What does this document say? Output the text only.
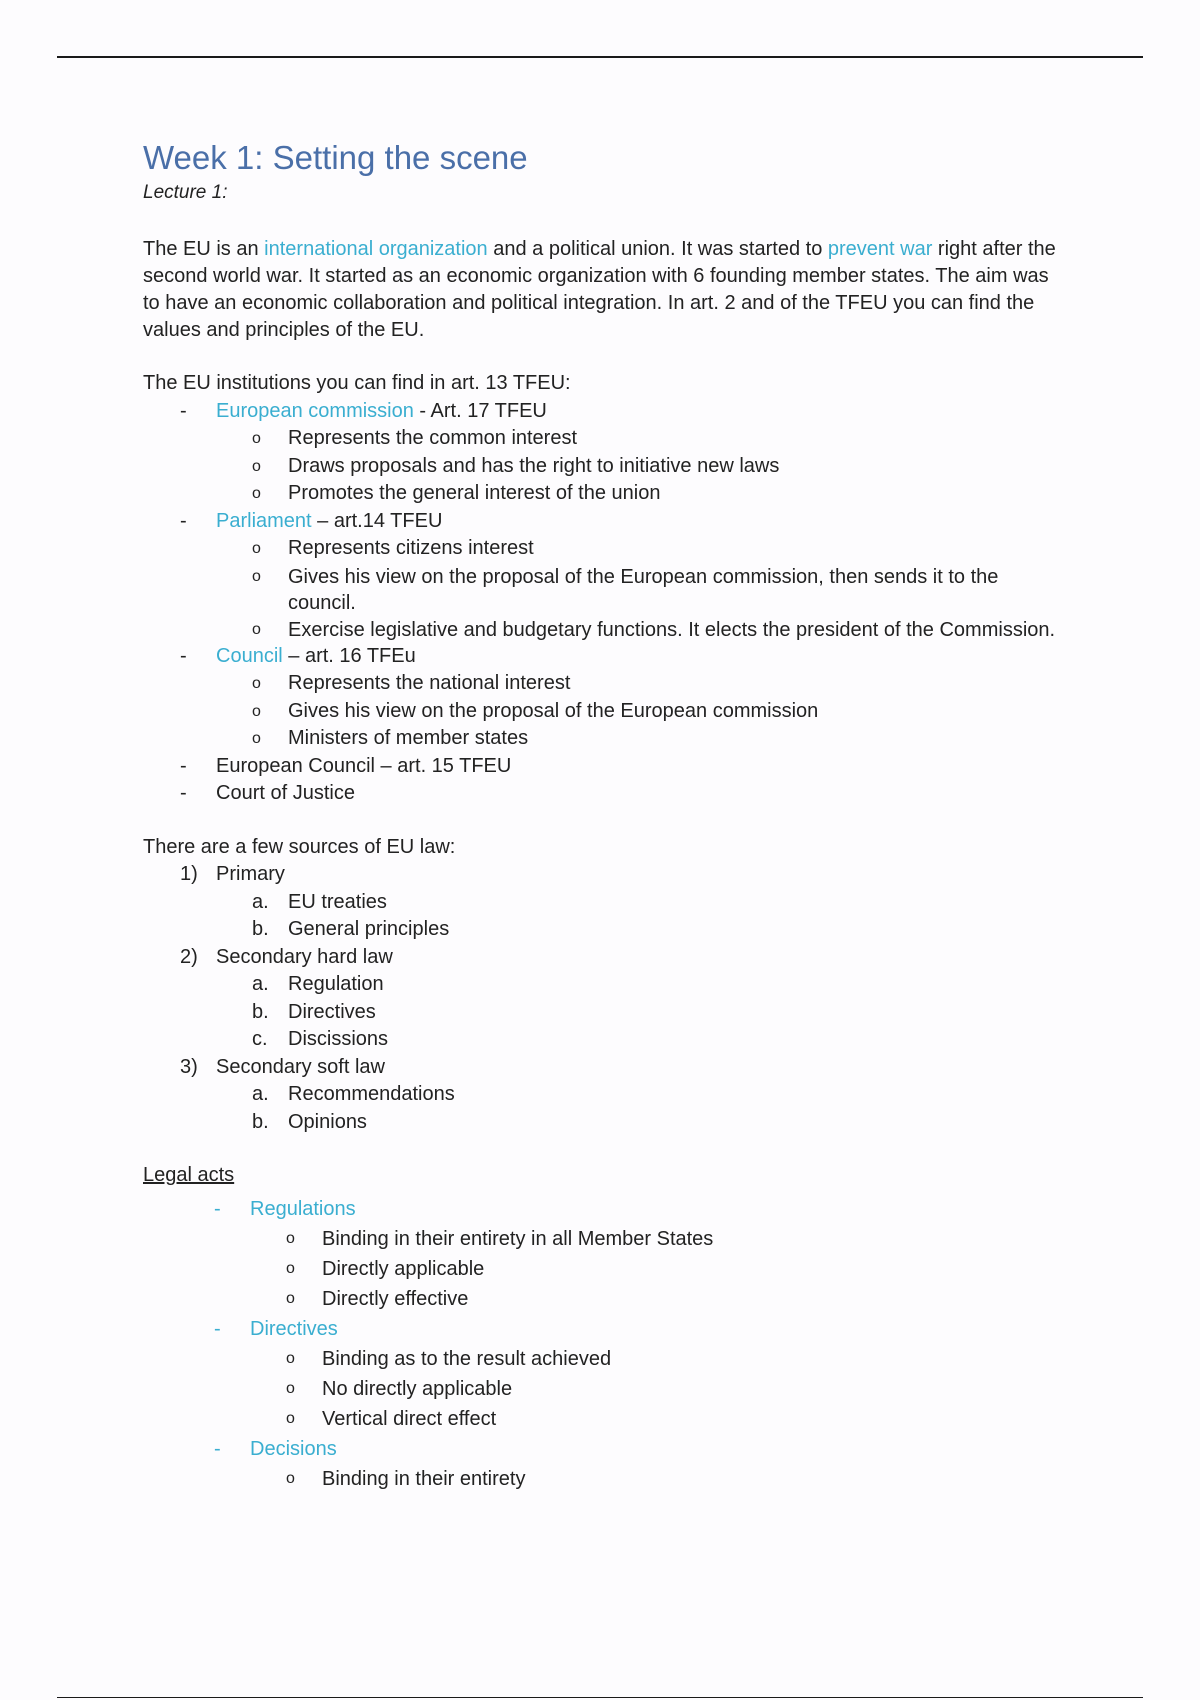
Week 1: Setting the scene
Lecture 1:
The EU is an international organization and a political union. It was started to prevent war right after the second world war. It started as an economic organization with 6 founding member states. The aim was to have an economic collaboration and political integration. In art. 2 and of the TFEU you can find the values and principles of the EU.
The EU institutions you can find in art. 13 TFEU:
- European commission - Art. 17 TFEU
o Represents the common interest
o Draws proposals and has the right to initiative new laws
o Promotes the general interest of the union
- Parliament – art.14 TFEU
o Represents citizens interest
o Gives his view on the proposal of the European commission, then sends it to the council.
o Exercise legislative and budgetary functions. It elects the president of the Commission.
- Council – art. 16 TFEu
o Represents the national interest
o Gives his view on the proposal of the European commission
o Ministers of member states
- European Council – art. 15 TFEU
- Court of Justice
There are a few sources of EU law:
1) Primary
a. EU treaties
b. General principles
2) Secondary hard law
a. Regulation
b. Directives
c. Discissions
3) Secondary soft law
a. Recommendations
b. Opinions
Legal acts
- Regulations
o Binding in their entirety in all Member States
o Directly applicable
o Directly effective
- Directives
o Binding as to the result achieved
o No directly applicable
o Vertical direct effect
- Decisions
o Binding in their entirety
